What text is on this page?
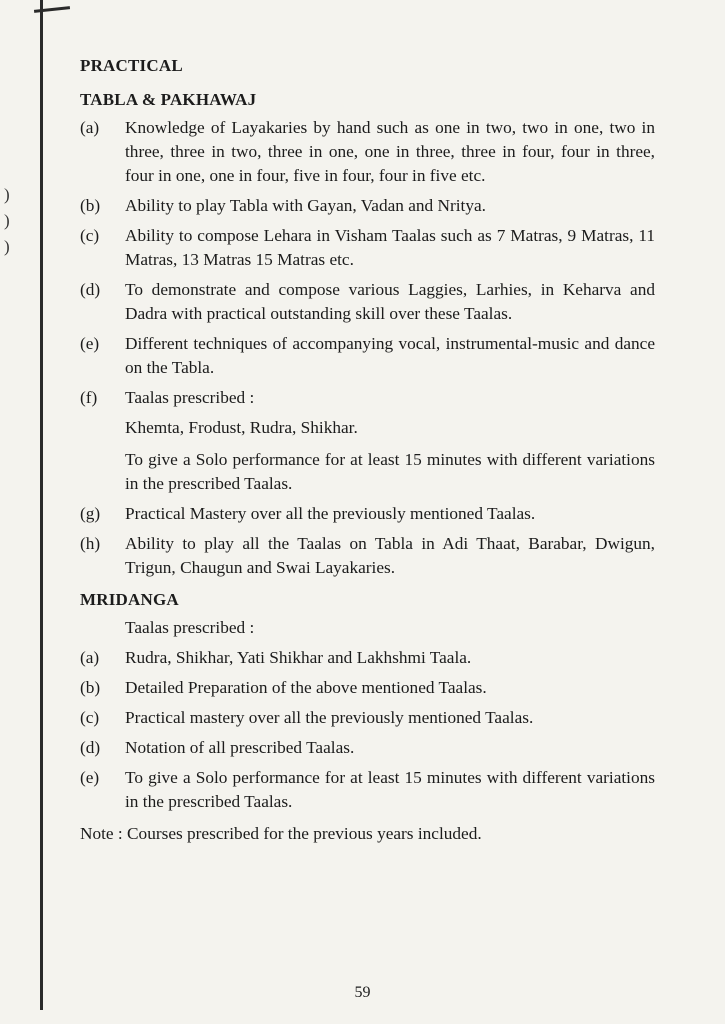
)
)
)
PRACTICAL
TABLA & PAKHAWAJ
(a) Knowledge of Layakaries by hand such as one in two, two in one, two in three, three in two, three in one, one in three, three in four, four in three, four in one, one in four, five in four, four in five etc.
(b) Ability to play Tabla with Gayan, Vadan and Nritya.
(c) Ability to compose Lehara in Visham Taalas such as 7 Matras, 9 Matras, 11 Matras, 13 Matras 15 Matras etc.
(d) To demonstrate and compose various Laggies, Larhies, in Keharva and Dadra with practical outstanding skill over these Taalas.
(e) Different techniques of accompanying vocal, instrumental-music and dance on the Tabla.
(f) Taalas prescribed :
Khemta, Frodust, Rudra, Shikhar.
To give a Solo performance for at least 15 minutes with different variations in the prescribed Taalas.
(g) Practical Mastery over all the previously mentioned Taalas.
(h) Ability to play all the Taalas on Tabla in Adi Thaat, Barabar, Dwigun, Trigun, Chaugun and Swai Layakaries.
MRIDANGA
Taalas prescribed :
(a) Rudra, Shikhar, Yati Shikhar and Lakhshmi Taala.
(b) Detailed Preparation of the above mentioned Taalas.
(c) Practical mastery over all the previously mentioned Taalas.
(d) Notation of all prescribed Taalas.
(e) To give a Solo performance for at least 15 minutes with different variations in the prescribed Taalas.
Note : Courses prescribed for the previous years included.
59
